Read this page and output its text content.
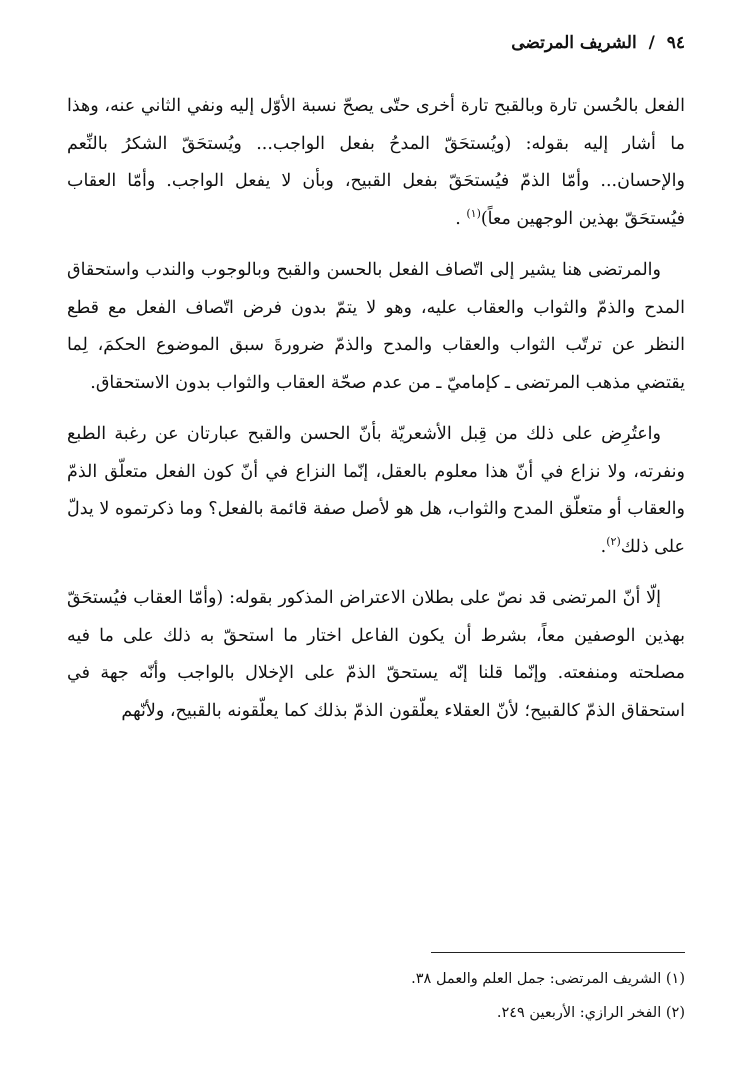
٩٤ / الشريف المرتضى

الفعل بالحُسن تارة وبالقبح تارة أخرى حتّى يصحّ نسبة الأوّل إليه ونفي الثاني عنه، وهذا ما أشار إليه بقوله: (ويُستحَقّ المدحُ بفعل الواجب... ويُستحَقّ الشكرُ بالنِّعم والإحسان... وأمّا الذمّ فيُستحَقّ بفعل القبيح، وبأن لا يفعل الواجب. وأمّا العقاب فيُستحَقّ بهذين الوجهين معاً)$^{(١)}$ .

والمرتضى هنا يشير إلى اتّصاف الفعل بالحسن والقبح وبالوجوب والندب واستحقاق المدح والذمّ والثواب والعقاب عليه، وهو لا يتمّ بدون فرض اتّصاف الفعل مع قطع النظر عن ترتّب الثواب والعقاب والمدح والذمّ ضرورةَ سبق الموضوع الحكمَ، لِما يقتضي مذهب المرتضى ـ كإماميّ ـ من عدم صحّة العقاب والثواب بدون الاستحقاق.

واعتُرِض على ذلك من قِبل الأشعريّة بأنّ الحسن والقبح عبارتان عن رغبة الطبع ونفرته، ولا نزاع في أنّ هذا معلوم بالعقل، إنّما النزاع في أنّ كون الفعل متعلّق الذمّ والعقاب أو متعلّق المدح والثواب، هل هو لأصل صفة قائمة بالفعل؟ وما ذكرتموه لا يدلّ على ذلك$^{(٢)}$.

إلّا أنّ المرتضى قد نصّ على بطلان الاعتراض المذكور بقوله: (وأمّا العقاب فيُستحَقّ بهذين الوصفين معاً، بشرط أن يكون الفاعل اختار ما استحقّ به ذلك على ما فيه مصلحته ومنفعته. وإنّما قلنا إنّه يستحقّ الذمّ على الإخلال بالواجب وأنّه جهة في استحقاق الذمّ كالقبيح؛ لأنّ العقلاء يعلّقون الذمّ بذلك كما يعلّقونه بالقبيح، ولأنّهم

(١) الشريف المرتضى: جمل العلم والعمل ٣٨.
(٢) الفخر الرازي: الأربعين ٢٤٩.
